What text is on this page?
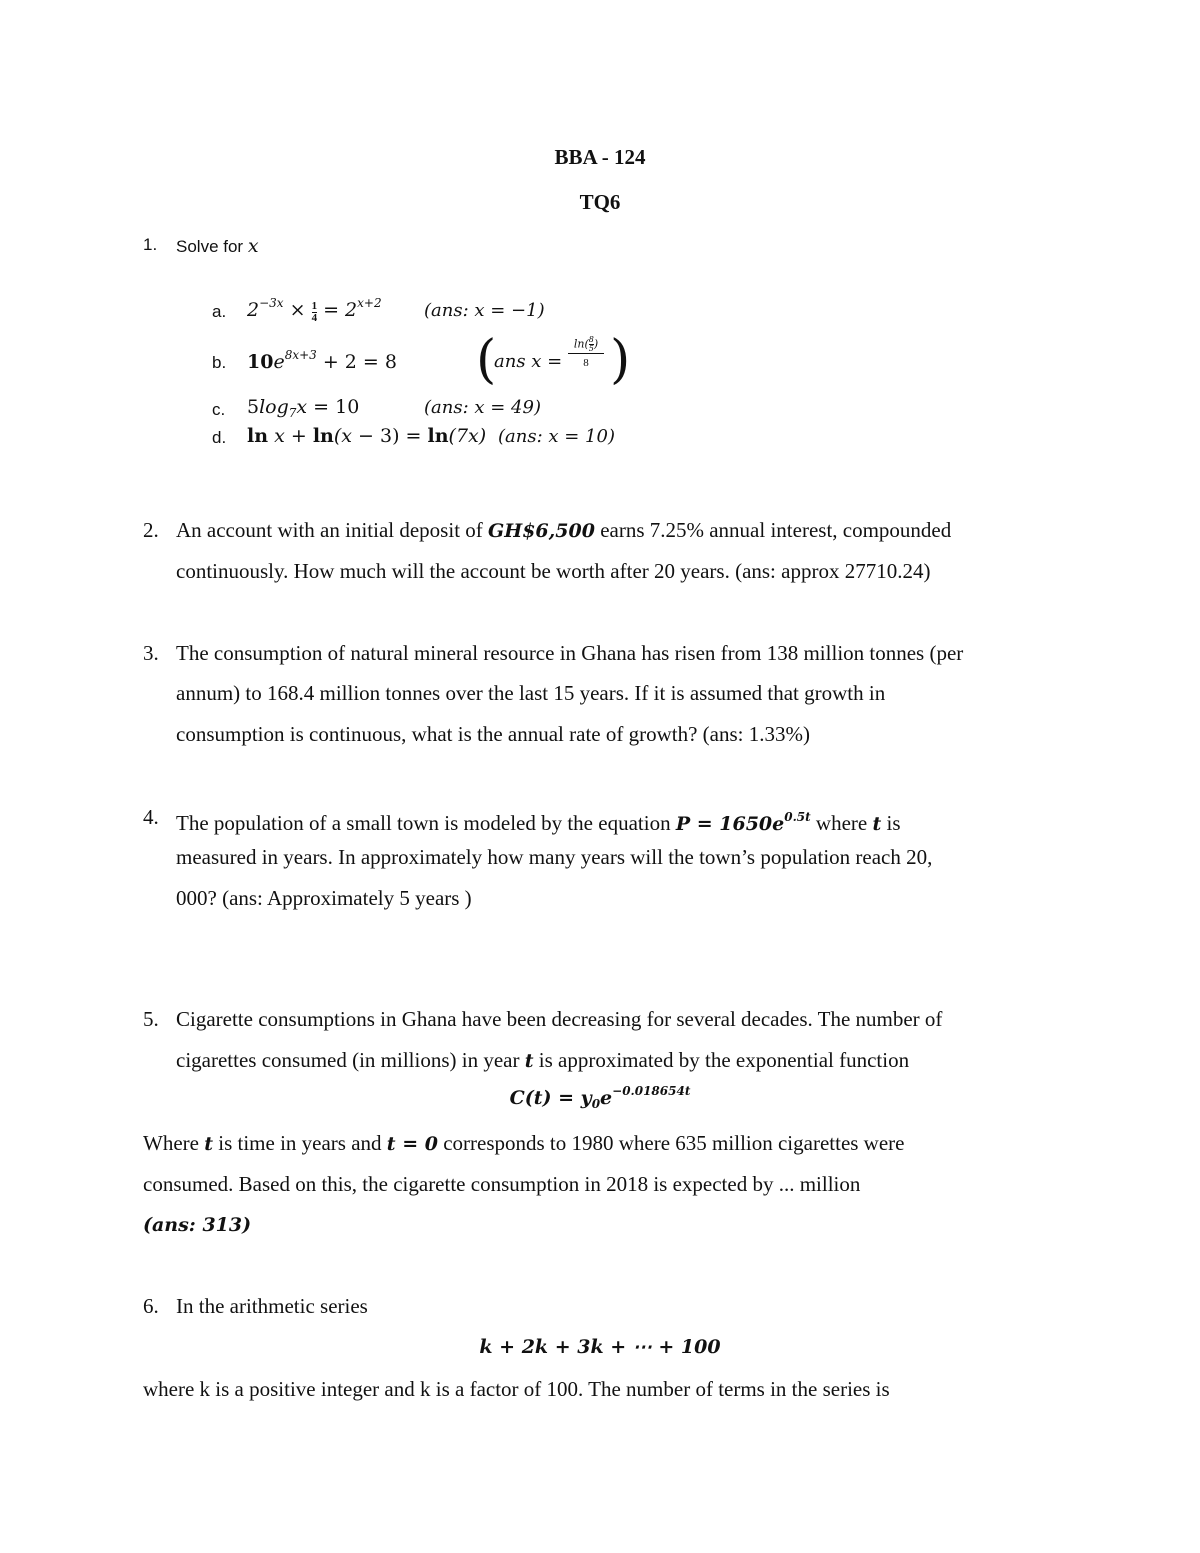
BBA - 124
TQ6
1. Solve for x
a. $2^{-3x} \times \frac{1}{4} = 2^{x+2}$ (ans: x = −1)
b. $10e^{8x+3} + 2 = 8$ (
ans x =
$\ln(\frac{8}{5}$ )
8 )
c. $5\log_7x = 10$	(ans: x = 49)
d. ln x + ln(x − 3) = ln(7x) (ans: x = 10)
2. An account with an initial deposit of GH$6,500 earns 7.25% annual interest, compounded
continuously. How much will the account be worth after 20 years. (ans: approx 27710.24)
3. The consumption of natural mineral resource in Ghana has risen from 138 million tonnes (per
annum) to 168.4 million tonnes over the last 15 years. If it is assumed that growth in
consumption is continuous, what is the annual rate of growth? (ans: 1.33%)
4. The population of a small town is modeled by the equation $P = 1650e^{0.5t}$ where t is
measured in years. In approximately how many years will the town’s population reach 20,
000? (ans: Approximately 5 years )
5. Cigarette consumptions in Ghana have been decreasing for several decades. The number of
cigarettes consumed (in millions) in year t is approximated by the exponential function
$C(t) = y_0e^{-0.018654t}$
Where t is time in years and t = 0 corresponds to 1980 where 635 million cigarettes were
consumed. Based on this, the cigarette consumption in 2018 is expected by ... million
(ans: 313)
6. In the arithmetic series
k + 2k + 3k + ⋯ + 100
where k is a positive integer and k is a factor of 100. The number of terms in the series is
